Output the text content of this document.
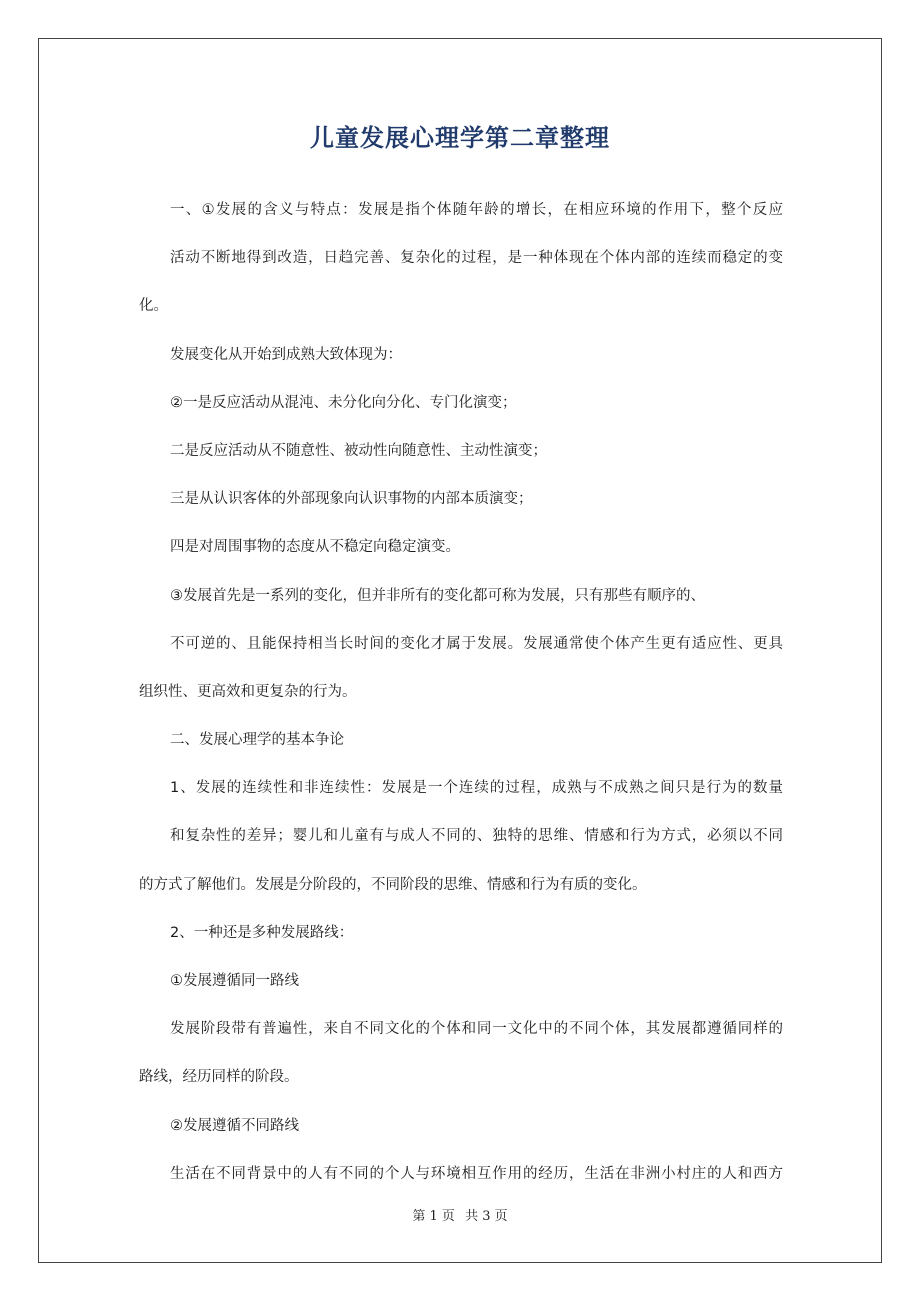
儿童发展心理学第二章整理
一、①发展的含义与特点：发展是指个体随年龄的增长，在相应环境的作用下，整个反应
活动不断地得到改造，日趋完善、复杂化的过程，是一种体现在个体内部的连续而稳定的变
化。
发展变化从开始到成熟大致体现为：
②一是反应活动从混沌、未分化向分化、专门化演变；
二是反应活动从不随意性、被动性向随意性、主动性演变；
三是从认识客体的外部现象向认识事物的内部本质演变；
四是对周围事物的态度从不稳定向稳定演变。
③发展首先是一系列的变化，但并非所有的变化都可称为发展，只有那些有顺序的、
不可逆的、且能保持相当长时间的变化才属于发展。发展通常使个体产生更有适应性、更具
组织性、更高效和更复杂的行为。
二、发展心理学的基本争论
1、发展的连续性和非连续性：发展是一个连续的过程，成熟与不成熟之间只是行为的数量
和复杂性的差异；婴儿和儿童有与成人不同的、独特的思维、情感和行为方式，必须以不同
的方式了解他们。发展是分阶段的，不同阶段的思维、情感和行为有质的变化。
2、一种还是多种发展路线：
①发展遵循同一路线
发展阶段带有普遍性，来自不同文化的个体和同一文化中的不同个体，其发展都遵循同样的
路线，经历同样的阶段。
②发展遵循不同路线
生活在不同背景中的人有不同的个人与环境相互作用的经历，生活在非洲小村庄的人和西方
第 1 页 共 3 页
